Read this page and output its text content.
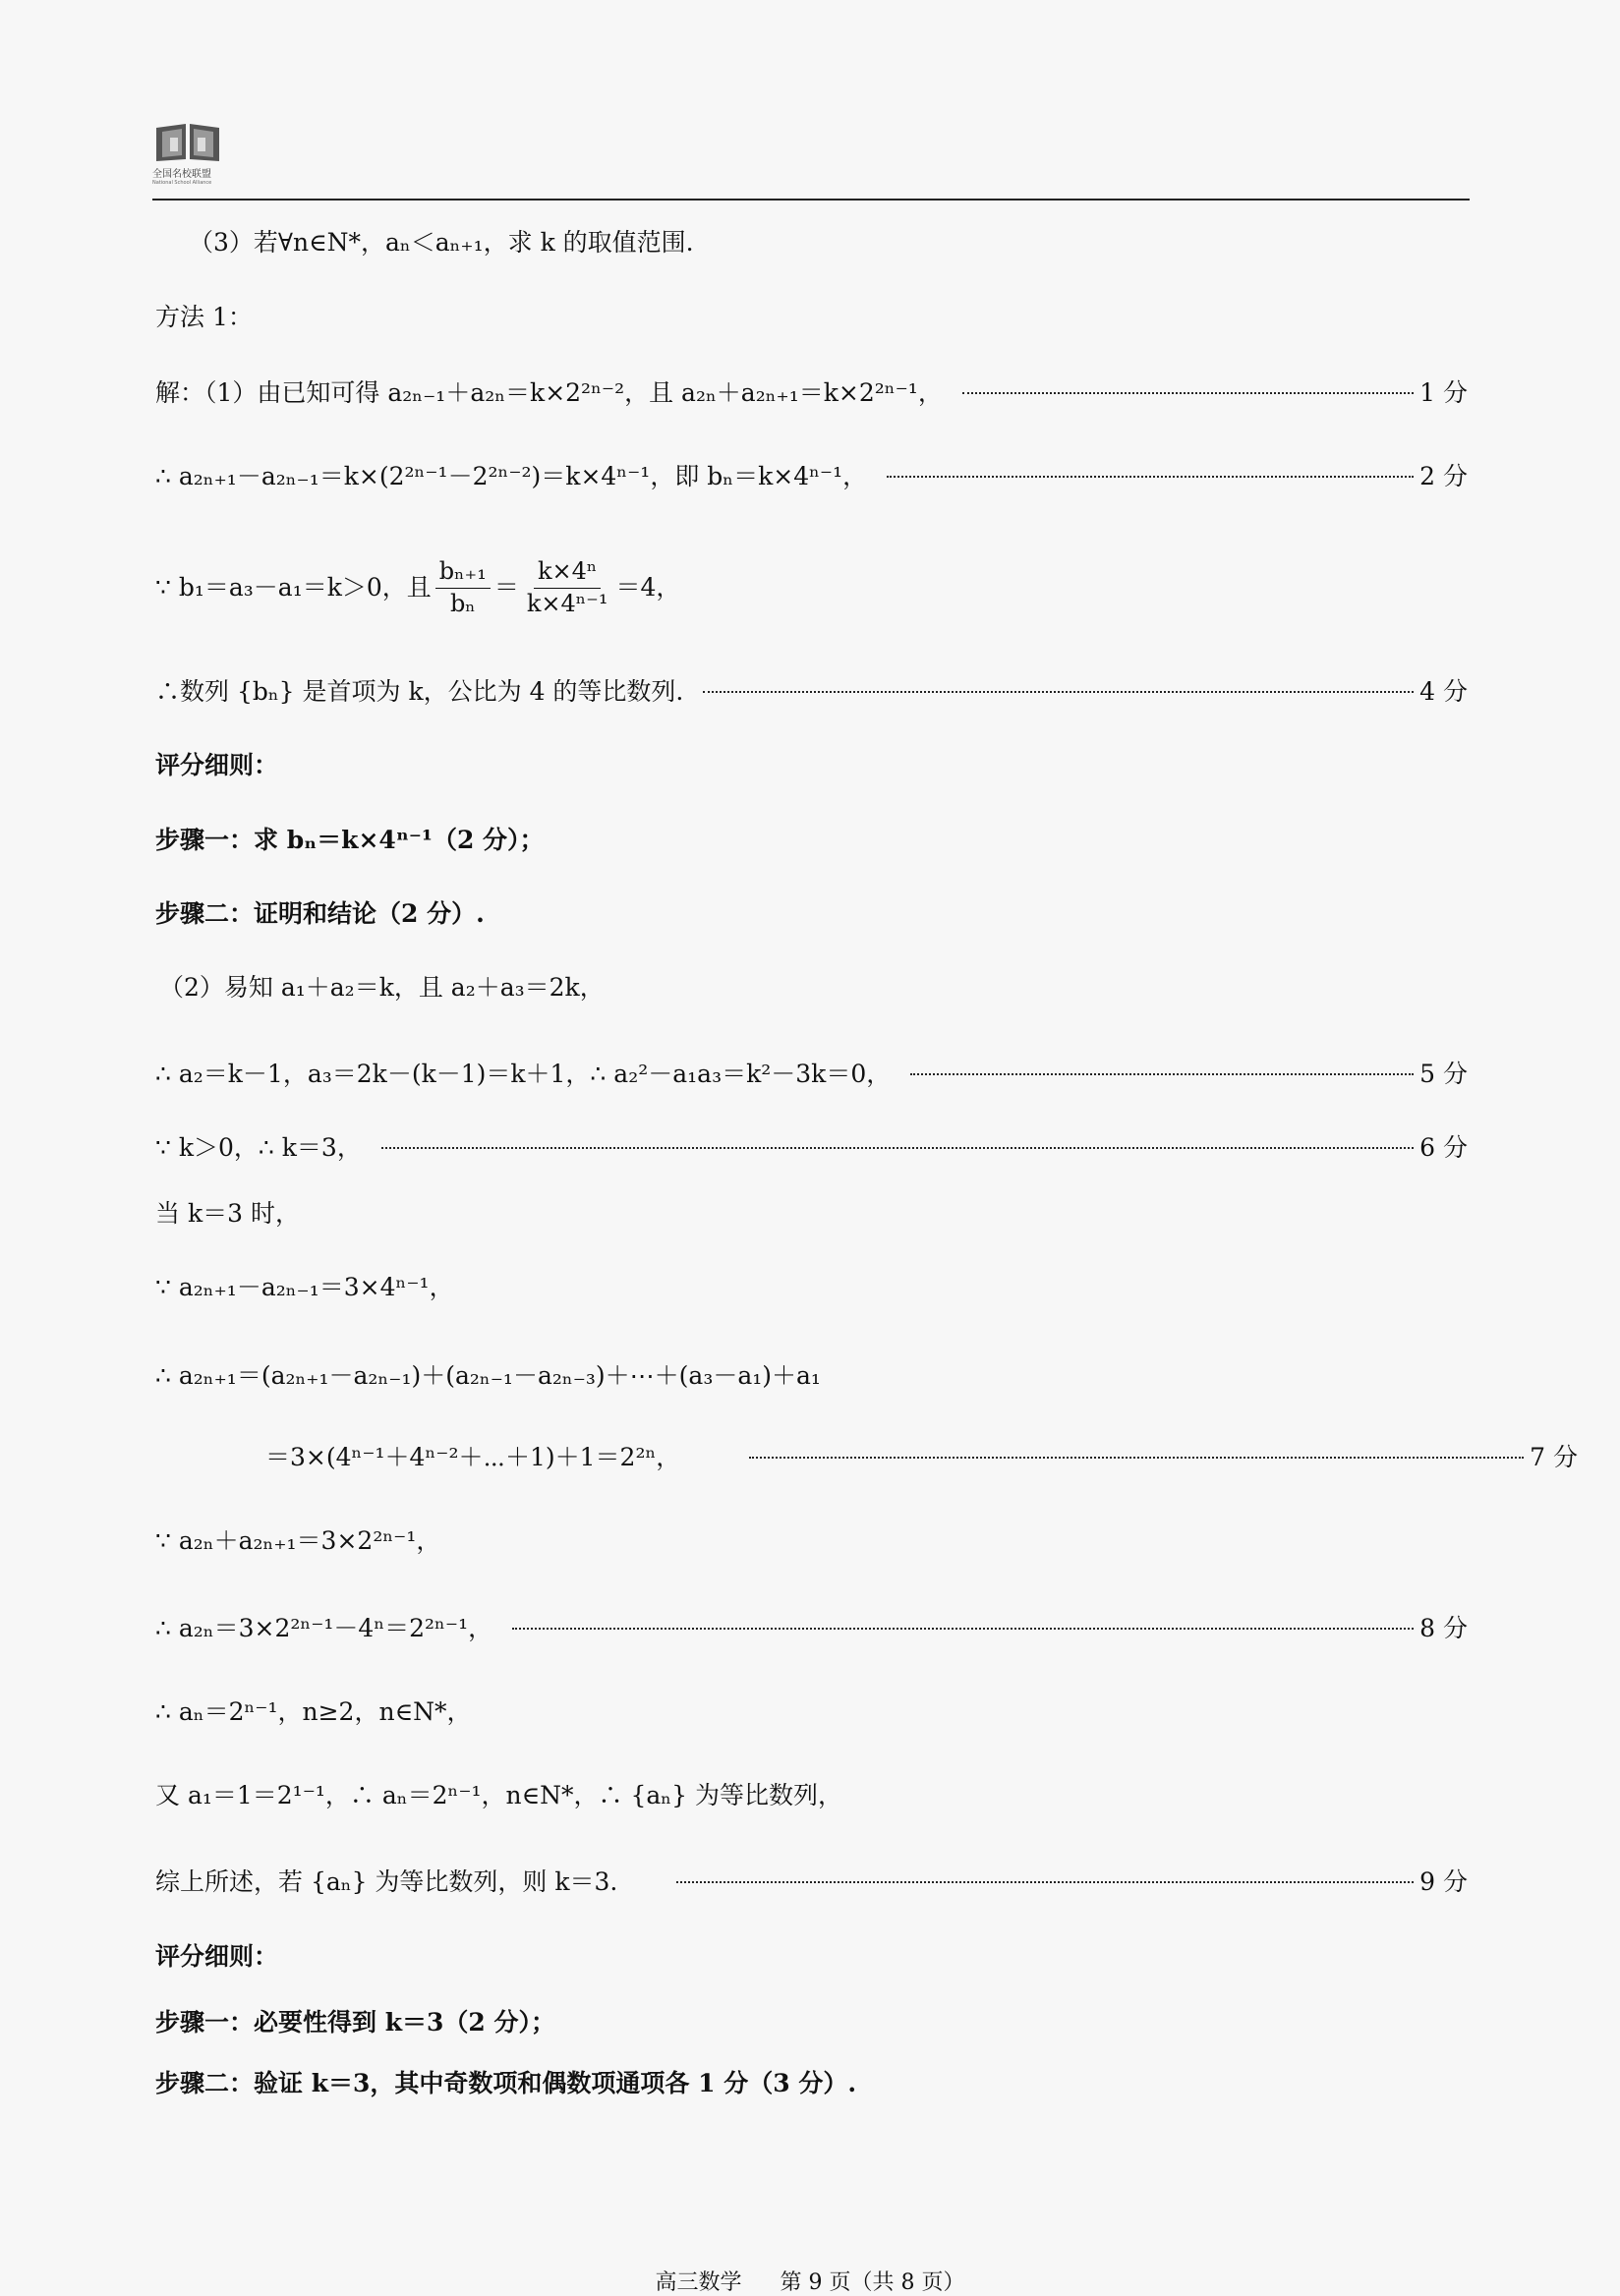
全国名校联盟
National School Alliance
（3）若∀n∈N*，aₙ＜aₙ₊₁，求 k 的取值范围.
方法 1：
解：（1）由已知可得 a₂ₙ₋₁＋a₂ₙ＝k×2²ⁿ⁻²，且 a₂ₙ＋a₂ₙ₊₁＝k×2²ⁿ⁻¹，	1 分
∴ a₂ₙ₊₁－a₂ₙ₋₁＝k×(2²ⁿ⁻¹－2²ⁿ⁻²)＝k×4ⁿ⁻¹，即 bₙ＝k×4ⁿ⁻¹，	2 分
∵ b₁＝a₃－a₁＝k＞0，且 $\frac{\text{bₙ₊₁}}{\text{bₙ}} = \frac{\text{k×4ⁿ}}{\text{k×4ⁿ⁻¹}} =4$，
∴数列 {bₙ} 是首项为 k，公比为 4 的等比数列.	4 分
评分细则：
步骤一：求 bₙ＝k×4ⁿ⁻¹（2 分）；
步骤二：证明和结论（2 分）.
（2）易知 a₁＋a₂＝k，且 a₂＋a₃＝2k，
∴ a₂＝k－1，a₃＝2k－(k－1)＝k＋1，∴ a₂²－a₁a₃＝k²－3k＝0，	5 分
∵ k＞0，∴ k＝3，	6 分
当 k＝3 时，
∵ a₂ₙ₊₁－a₂ₙ₋₁＝3×4ⁿ⁻¹，
∴ a₂ₙ₊₁＝(a₂ₙ₊₁－a₂ₙ₋₁)＋(a₂ₙ₋₁－a₂ₙ₋₃)＋⋯＋(a₃－a₁)＋a₁
＝3×(4ⁿ⁻¹＋4ⁿ⁻²＋⋯＋1)＋1＝2²ⁿ，	7 分
∵ a₂ₙ＋a₂ₙ₊₁＝3×2²ⁿ⁻¹，
∴ a₂ₙ＝3×2²ⁿ⁻¹－4ⁿ＝2²ⁿ⁻¹，	8 分
∴ aₙ＝2ⁿ⁻¹，n≥2，n∈N*，
又 a₁＝1＝2¹⁻¹，∴ aₙ＝2ⁿ⁻¹，n∈N*，∴ {aₙ} 为等比数列，
综上所述，若 {aₙ} 为等比数列，则 k＝3.	9 分
评分细则：
步骤一：必要性得到 k＝3（2 分）；
步骤二：验证 k＝3，其中奇数项和偶数项通项各 1 分（3 分）.
高三数学 第 9 页（共 8 页）
